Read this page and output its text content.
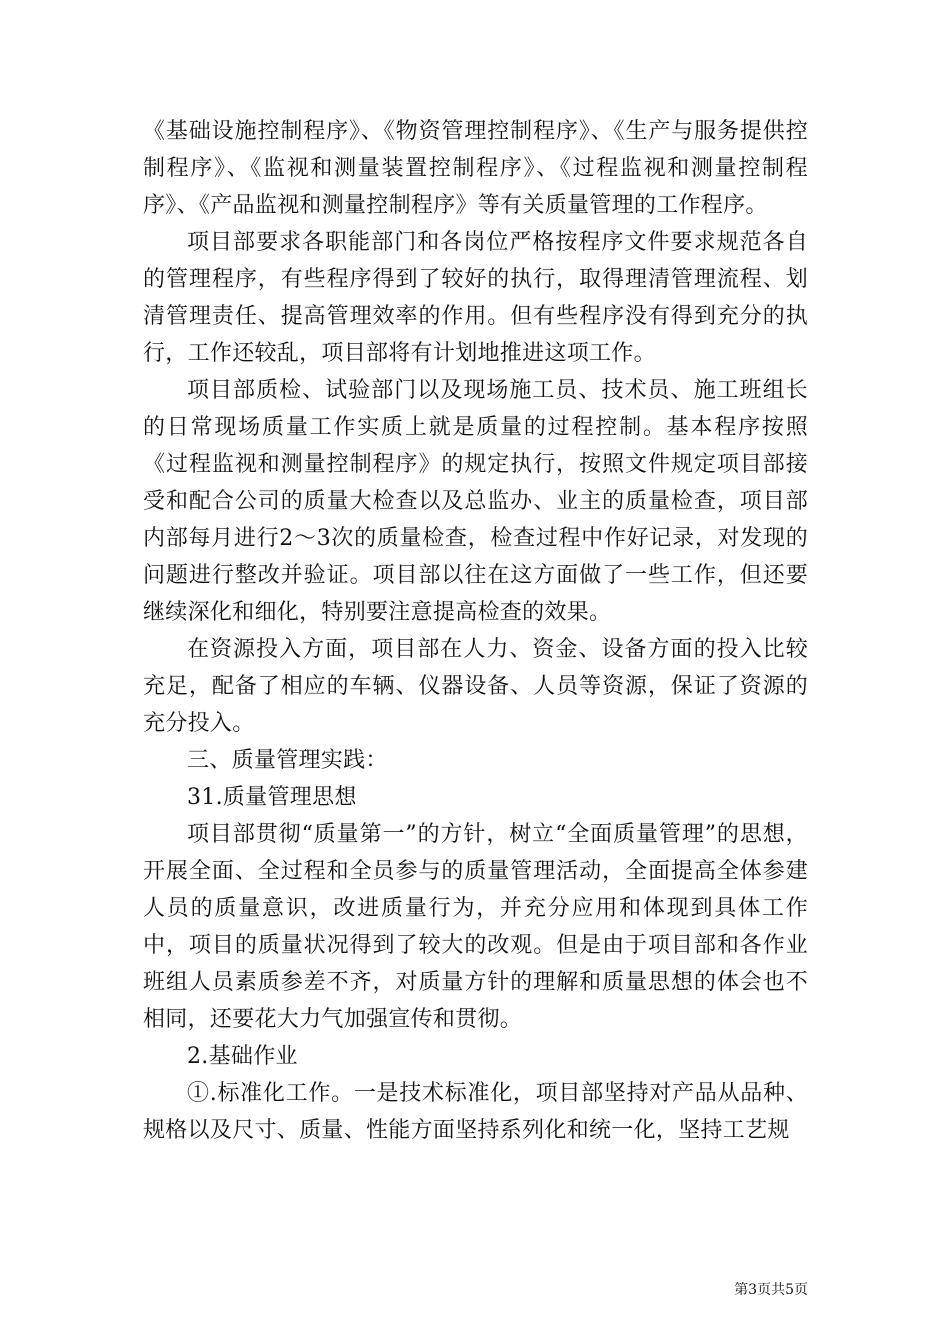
《基础设施控制程序》、《物资管理控制程序》、《生产与服务提供控制程序》、《监视和测量装置控制程序》、《过程监视和测量控制程序》、《产品监视和测量控制程序》等有关质量管理的工作程序。

项目部要求各职能部门和各岗位严格按程序文件要求规范各自的管理程序，有些程序得到了较好的执行，取得理清管理流程、划清管理责任、提高管理效率的作用。但有些程序没有得到充分的执行，工作还较乱，项目部将有计划地推进这项工作。

项目部质检、试验部门以及现场施工员、技术员、施工班组长的日常现场质量工作实质上就是质量的过程控制。基本程序按照《过程监视和测量控制程序》的规定执行，按照文件规定项目部接受和配合公司的质量大检查以及总监办、业主的质量检查，项目部内部每月进行2～3次的质量检查，检查过程中作好记录，对发现的问题进行整改并验证。项目部以往在这方面做了一些工作，但还要继续深化和细化，特别要注意提高检查的效果。

在资源投入方面，项目部在人力、资金、设备方面的投入比较充足，配备了相应的车辆、仪器设备、人员等资源，保证了资源的充分投入。

三、质量管理实践：

31.质量管理思想

项目部贯彻“质量第一”的方针，树立“全面质量管理”的思想，开展全面、全过程和全员参与的质量管理活动，全面提高全体参建人员的质量意识，改进质量行为，并充分应用和体现到具体工作中，项目的质量状况得到了较大的改观。但是由于项目部和各作业班组人员素质参差不齐，对质量方针的理解和质量思想的体会也不相同，还要花大力气加强宣传和贯彻。

2.基础作业

①.标准化工作。一是技术标准化，项目部坚持对产品从品种、规格以及尺寸、质量、性能方面坚持系列化和统一化，坚持工艺规

第3页共5页
